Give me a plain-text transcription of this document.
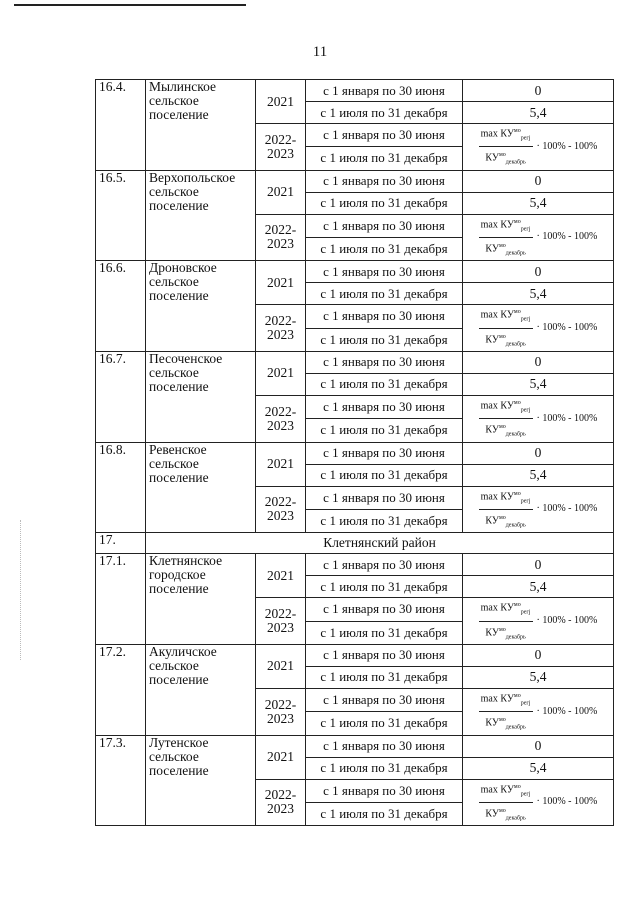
11
16.4.	Мылинское сельское поселение	2021	с 1 января по 30 июня	0
			с 1 июля по 31 декабря	5,4
		2022-2023	с 1 января по 30 июня	$\frac{\max КУ^{мо}_{регj}}{КУ^{мо}_{декабрь}} \cdot 100\% - 100\%$

			с 1 июля по 31 декабря	
16.5.	Верхопольское сельское поселение	2021	с 1 января по 30 июня	0
			с 1 июля по 31 декабря	5,4
		2022-2023	с 1 января по 30 июня	$\frac{\max КУ^{мо}_{регj}}{КУ^{мо}_{декабрь}} \cdot 100\% - 100\%$

			с 1 июля по 31 декабря	
16.6.	Дроновское сельское поселение	2021	с 1 января по 30 июня	0
			с 1 июля по 31 декабря	5,4
		2022-2023	с 1 января по 30 июня	$\frac{\max КУ^{мо}_{регj}}{КУ^{мо}_{декабрь}} \cdot 100\% - 100\%$

			с 1 июля по 31 декабря	
16.7.	Песоченское сельское поселение	2021	с 1 января по 30 июня	0
			с 1 июля по 31 декабря	5,4
		2022-2023	с 1 января по 30 июня	$\frac{\max КУ^{мо}_{регj}}{КУ^{мо}_{декабрь}} \cdot 100\% - 100\%$

			с 1 июля по 31 декабря	
16.8.	Ревенское сельское поселение	2021	с 1 января по 30 июня	0
			с 1 июля по 31 декабря	5,4
		2022-2023	с 1 января по 30 июня	$\frac{\max КУ^{мо}_{регj}}{КУ^{мо}_{декабрь}} \cdot 100\% - 100\%$

			с 1 июля по 31 декабря	
17.	Клетнянский район			
17.1.	Клетнянское городское поселение	2021	с 1 января по 30 июня	0
			с 1 июля по 31 декабря	5,4
		2022-2023	с 1 января по 30 июня	$\frac{\max КУ^{мо}_{регj}}{КУ^{мо}_{декабрь}} \cdot 100\% - 100\%$

			с 1 июля по 31 декабря	
17.2.	Акуличское сельское поселение	2021	с 1 января по 30 июня	0
			с 1 июля по 31 декабря	5,4
		2022-2023	с 1 января по 30 июня	$\frac{\max КУ^{мо}_{регj}}{КУ^{мо}_{декабрь}} \cdot 100\% - 100\%$

			с 1 июля по 31 декабря	
17.3.	Лутенское сельское поселение	2021	с 1 января по 30 июня	0
			с 1 июля по 31 декабря	5,4
		2022-2023	с 1 января по 30 июня	$\frac{\max КУ^{мо}_{регj}}{КУ^{мо}_{декабрь}} \cdot 100\% - 100\%$

			с 1 июля по 31 декабря	
